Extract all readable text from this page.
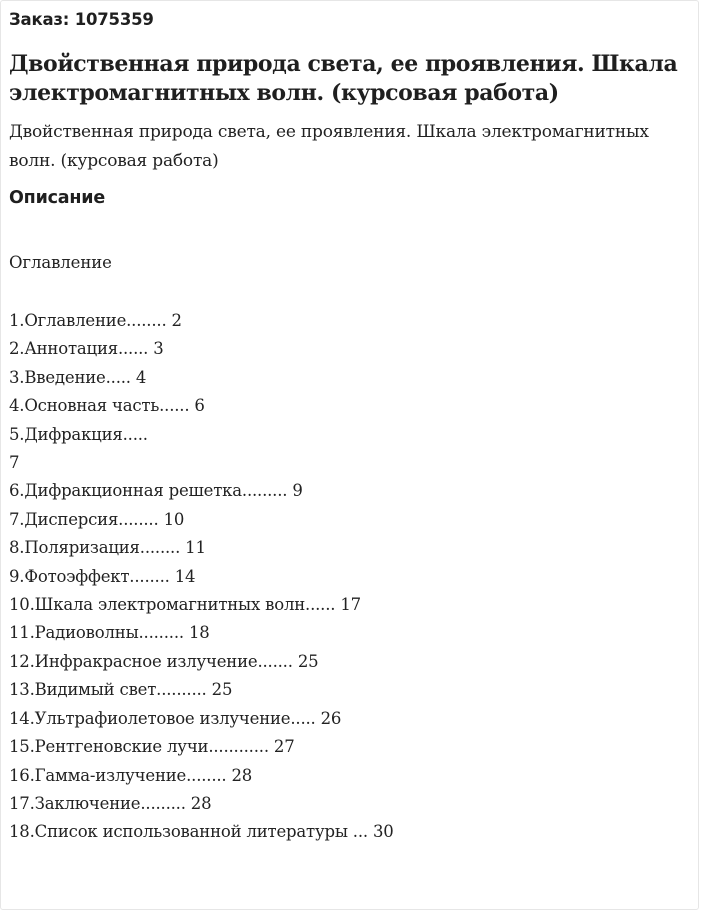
Заказ: 1075359
Двойственная природа света, ее проявления. Шкала электромагнитных волн. (курсовая работа)
Двойственная природа света, ее проявления. Шкала электромагнитных волн. (курсовая работа)
Описание
Оглавление
1.Оглавление........ 2
2.Аннотация...... 3
3.Введение..... 4
4.Основная часть...... 6
5.Дифракция.....
7
6.Дифракционная решетка......... 9
7.Дисперсия........ 10
8.Поляризация........ 11
9.Фотоэффект........ 14
10.Шкала электромагнитных волн...... 17
11.Радиоволны......... 18
12.Инфракрасное излучение....... 25
13.Видимый свет.......... 25
14.Ультрафиолетовое излучение..... 26
15.Рентгеновские лучи............ 27
16.Гамма-излучение........ 28
17.Заключение......... 28
18.Список использованной литературы ... 30
